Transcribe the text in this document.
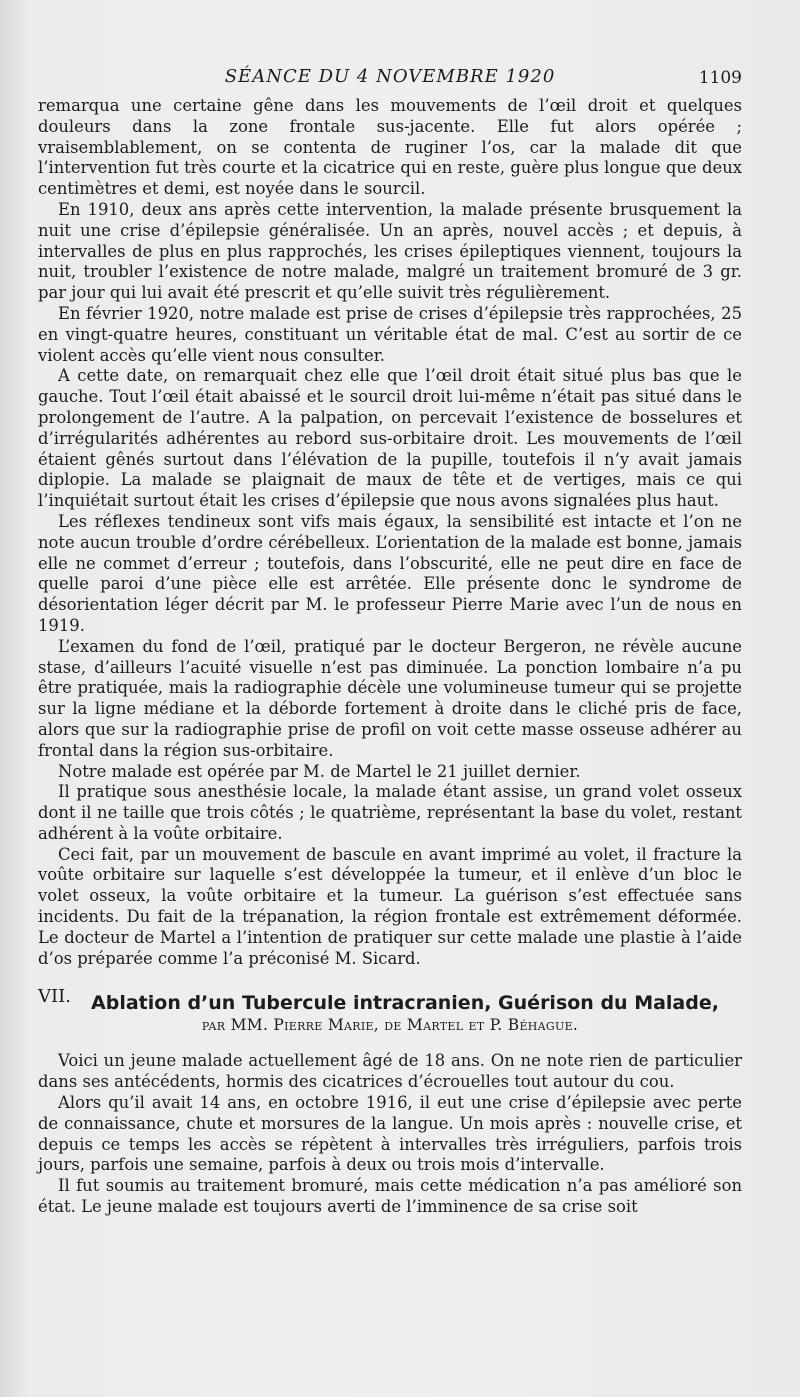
SÉANCE DU 4 NOVEMBRE 1920	1109

remarqua une certaine gêne dans les mouvements de l’œil droit et quelques douleurs dans la zone frontale sus-jacente. Elle fut alors opérée ; vraisemblablement, on se contenta de ruginer l’os, car la malade dit que l’intervention fut très courte et la cicatrice qui en reste, guère plus longue que deux centimètres et demi, est noyée dans le sourcil.

En 1910, deux ans après cette intervention, la malade présente brusquement la nuit une crise d’épilepsie généralisée. Un an après, nouvel accès ; et depuis, à intervalles de plus en plus rapprochés, les crises épileptiques viennent, toujours la nuit, troubler l’existence de notre malade, malgré un traitement bromuré de 3 gr. par jour qui lui avait été prescrit et qu’elle suivit très régulièrement.

En février 1920, notre malade est prise de crises d’épilepsie très rapprochées, 25 en vingt-quatre heures, constituant un véritable état de mal. C’est au sortir de ce violent accès qu’elle vient nous consulter.

A cette date, on remarquait chez elle que l’œil droit était situé plus bas que le gauche. Tout l’œil était abaissé et le sourcil droit lui-même n’était pas situé dans le prolongement de l’autre. A la palpation, on percevait l’existence de bosselures et d’irrégularités adhérentes au rebord sus-orbitaire droit. Les mouvements de l’œil étaient gênés surtout dans l’élévation de la pupille, toutefois il n’y avait jamais diplopie. La malade se plaignait de maux de tête et de vertiges, mais ce qui l’inquiétait surtout était les crises d’épilepsie que nous avons signalées plus haut.

Les réflexes tendineux sont vifs mais égaux, la sensibilité est intacte et l’on ne note aucun trouble d’ordre cérébelleux. L’orientation de la malade est bonne, jamais elle ne commet d’erreur ; toutefois, dans l’obscurité, elle ne peut dire en face de quelle paroi d’une pièce elle est arrêtée. Elle présente donc le syndrome de désorientation léger décrit par M. le professeur Pierre Marie avec l’un de nous en 1919.

L’examen du fond de l’œil, pratiqué par le docteur Bergeron, ne révèle aucune stase, d’ailleurs l’acuité visuelle n’est pas diminuée. La ponction lombaire n’a pu être pratiquée, mais la radiographie décèle une volumineuse tumeur qui se projette sur la ligne médiane et la déborde fortement à droite dans le cliché pris de face, alors que sur la radiographie prise de profil on voit cette masse osseuse adhérer au frontal dans la région sus-orbitaire.

Notre malade est opérée par M. de Martel le 21 juillet dernier.

Il pratique sous anesthésie locale, la malade étant assise, un grand volet osseux dont il ne taille que trois côtés ; le quatrième, représentant la base du volet, restant adhérent à la voûte orbitaire.

Ceci fait, par un mouvement de bascule en avant imprimé au volet, il fracture la voûte orbitaire sur laquelle s’est développée la tumeur, et il enlève d’un bloc le volet osseux, la voûte orbitaire et la tumeur. La guérison s’est effectuée sans incidents. Du fait de la trépanation, la région frontale est extrêmement déformée. Le docteur de Martel a l’intention de pratiquer sur cette malade une plastie à l’aide d’os préparée comme l’a préconisé M. Sicard.

VII. Ablation d’un Tubercule intracranien, Guérison du Malade,
par MM. Pierre Marie, de Martel et P. Béhague.

Voici un jeune malade actuellement âgé de 18 ans. On ne note rien de particulier dans ses antécédents, hormis des cicatrices d’écrouelles tout autour du cou.

Alors qu’il avait 14 ans, en octobre 1916, il eut une crise d’épilepsie avec perte de connaissance, chute et morsures de la langue. Un mois après : nouvelle crise, et depuis ce temps les accès se répètent à intervalles très irréguliers, parfois trois jours, parfois une semaine, parfois à deux ou trois mois d’intervalle.

Il fut soumis au traitement bromuré, mais cette médication n’a pas amélioré son état. Le jeune malade est toujours averti de l’imminence de sa crise soit
